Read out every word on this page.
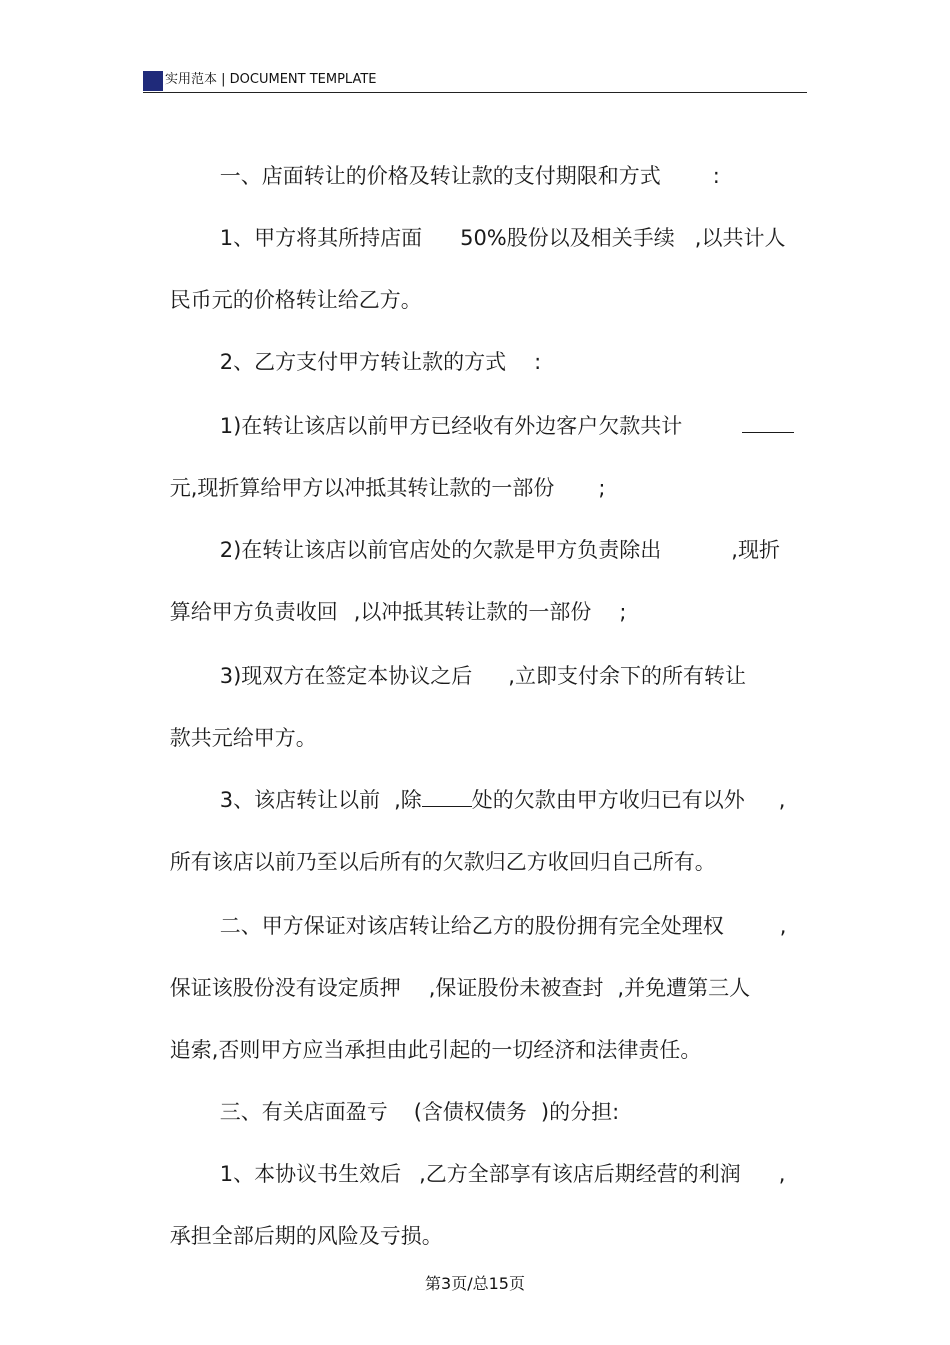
实用范本 | DOCUMENT TEMPLATE

一、店面转让的价格及转让款的支付期限和方式 :

1、甲方将其所持店面 50%股份以及相关手续 ,以共计人

民币元的价格转让给乙方。

2、乙方支付甲方转让款的方式 :

1)在转让该店以前甲方已经收有外边客户欠款共计

元,现折算给甲方以冲抵其转让款的一部份 ;

2)在转让该店以前官店处的欠款是甲方负责除出	,现折

算给甲方负责收回 ,以冲抵其转让款的一部份 ;

3)现双方在签定本协议之后 ,立即支付余下的所有转让

款共元给甲方。

3、该店转让以前 ,除 处的欠款由甲方收归已有以外 ,

所有该店以前乃至以后所有的欠款归乙方收回归自己所有。

二、甲方保证对该店转让给乙方的股份拥有完全处理权	,

保证该股份没有设定质押 ,保证股份未被查封 ,并免遭第三人

追索,否则甲方应当承担由此引起的一切经济和法律责任。

三、有关店面盈亏 (含债权债务 )的分担:

1、本协议书生效后 ,乙方全部享有该店后期经营的利润 ,

承担全部后期的风险及亏损。

第3页/总15页
